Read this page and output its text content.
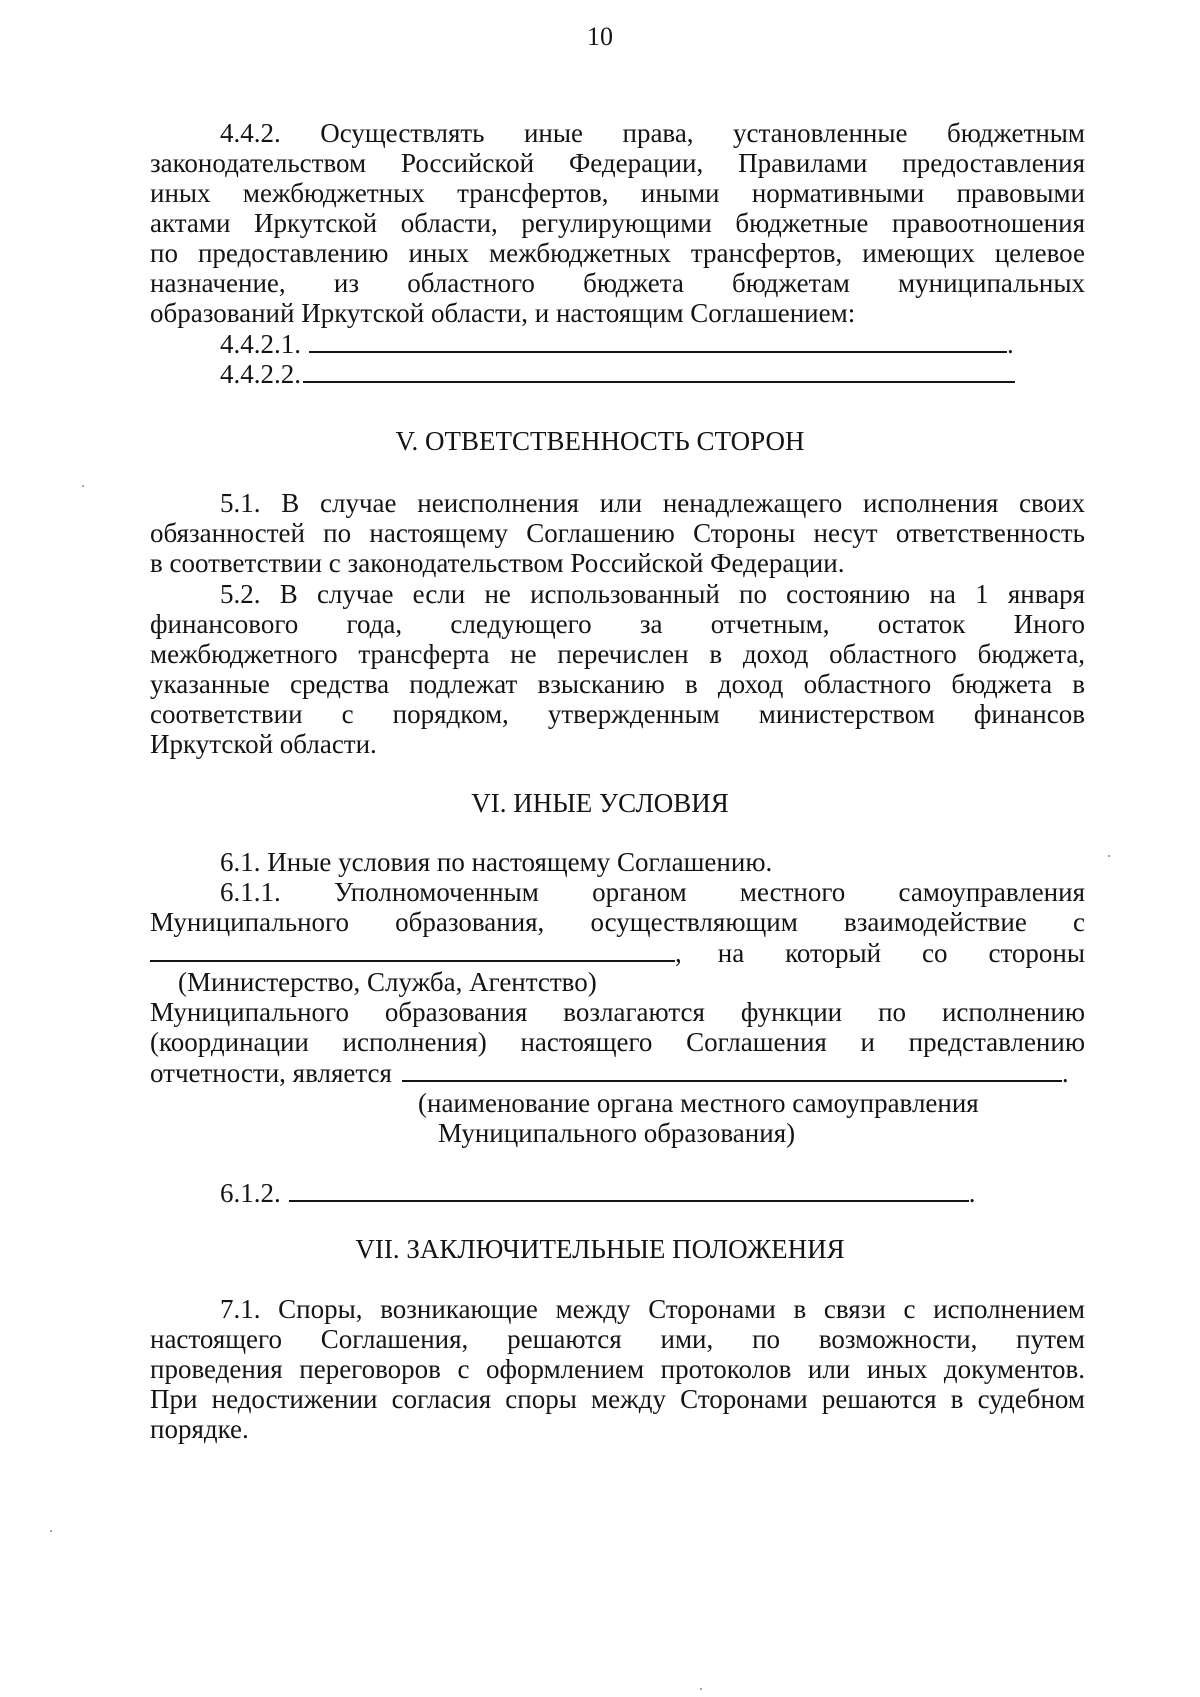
10
4.4.2. Осуществлять иные права, установленные бюджетным
законодательством Российской Федерации, Правилами предоставления
иных межбюджетных трансфертов, иными нормативными правовыми
актами Иркутской области, регулирующими бюджетные правоотношения
по предоставлению иных межбюджетных трансфертов, имеющих целевое
назначение, из областного бюджета бюджетам муниципальных
образований Иркутской области, и настоящим Соглашением:
4.4.2.1.	.
4.4.2.2.
V. ОТВЕТСТВЕННОСТЬ СТОРОН
5.1. В случае неисполнения или ненадлежащего исполнения своих
обязанностей по настоящему Соглашению Стороны несут ответственность
в соответствии с законодательством Российской Федерации.
5.2. В случае если не использованный по состоянию на 1 января
финансового года, следующего за отчетным, остаток Иного
межбюджетного трансферта не перечислен в доход областного бюджета,
указанные средства подлежат взысканию в доход областного бюджета в
соответствии с порядком, утвержденным министерством финансов
Иркутской области.
VI. ИНЫЕ УСЛОВИЯ
6.1. Иные условия по настоящему Соглашению.
6.1.1. Уполномоченным органом местного самоуправления
Муниципального образования, осуществляющим взаимодействие с
, на который со стороны
(Министерство, Служба, Агентство)
Муниципального образования возлагаются функции по исполнению
(координации исполнения) настоящего Соглашения и представлению
отчетности, является	.
(наименование органа местного самоуправления
Муниципального образования)
6.1.2.	.
VII. ЗАКЛЮЧИТЕЛЬНЫЕ ПОЛОЖЕНИЯ
7.1. Споры, возникающие между Сторонами в связи с исполнением
настоящего Соглашения, решаются ими, по возможности, путем
проведения переговоров с оформлением протоколов или иных документов.
При недостижении согласия споры между Сторонами решаются в судебном
порядке.
